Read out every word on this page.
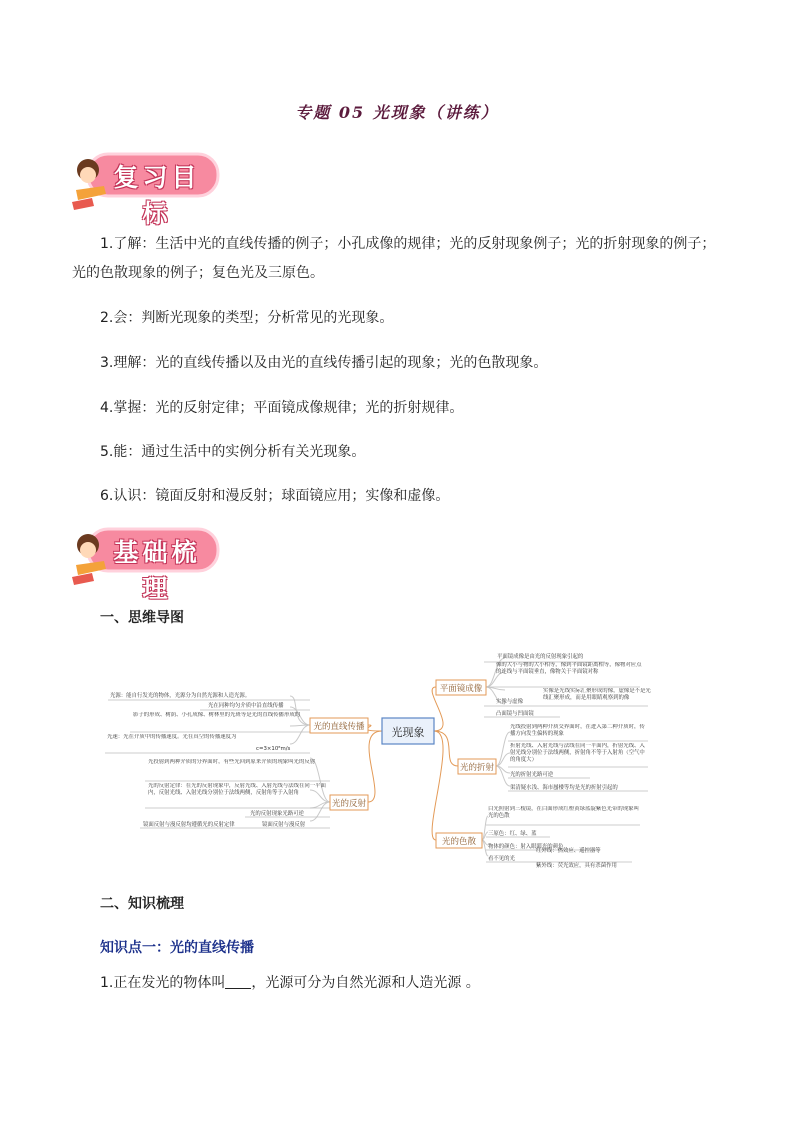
专题 05 光现象（讲练）
复习目标
1.了解：生活中光的直线传播的例子；小孔成像的规律；光的反射现象例子；光的折射现象的例子；
光的色散现象的例子；复色光及三原色。
2.会：判断光现象的类型；分析常见的光现象。
3.理解：光的直线传播以及由光的直线传播引起的现象；光的色散现象。
4.掌握：光的反射定律；平面镜成像规律；光的折射规律。
5.能：通过生活中的实例分析有关光现象。
6.认识：镜面反射和漫反射；球面镜应用；实像和虚像。
基础梳理
一、思维导图
光现象
光的直线传播
光的反射
平面镜成像
光的折射
光的色散
光源：能自行发光的物体，光源分为自然光源和人造光源。
光在同种均匀介质中沿直线传播
影子的形成、树荫、小孔成像、树林里的光斑等是光的直线传播形成的
光速：光在介质中的传播速度。光在真空的传播速度为
c=3×10⁸m/s
光投射到两种介质的分界面时，有些光回到原来介质的现象叫光的反射
光的反射定律：在光的反射现象中，反射光线、入射光线与法线在同一平面内，反射光线、入射光线分别位于法线两侧，反射角等于入射角
光的反射现象光路可逆
镜面反射与漫反射均遵循光的反射定律	镜面反射与漫反射
平面镜成像是由光的反射现象引起的
像的大小与物的大小相等，像到平面镜距离相等，像物对应点的连线与平面镜垂直，像物关于平面镜对称
实像是光线实际汇聚形成的像，虚像是不是光线汇聚形成，而是用眼睛观察到的像
实像与虚像
凸面镜与凹面镜
光线投射到两种介质交界面时，在进入第二种介质时，传播方向发生偏转的现象
折射光线、入射光线与法线在同一平面内，折射光线、入射光线分别位于法线两侧，折射角不等于入射角（空气中的角度大）
光的折射光路可逆
渠清疑水浅、海市蜃楼等均是光的折射引起的
白光照射到三棱镜，在白面形成红橙黄绿蓝靛紫色光带的现象叫光的色散
三原色：红、绿、蓝
物体的颜色：射入眼睛光的颜色
看不见的光
红外线：热效应、遥控器等
紫外线：荧光效应，具有杀菌作用
二、知识梳理
知识点一：光的直线传播
1.正在发光的物体叫 ，光源可分为自然光源和人造光源 。
